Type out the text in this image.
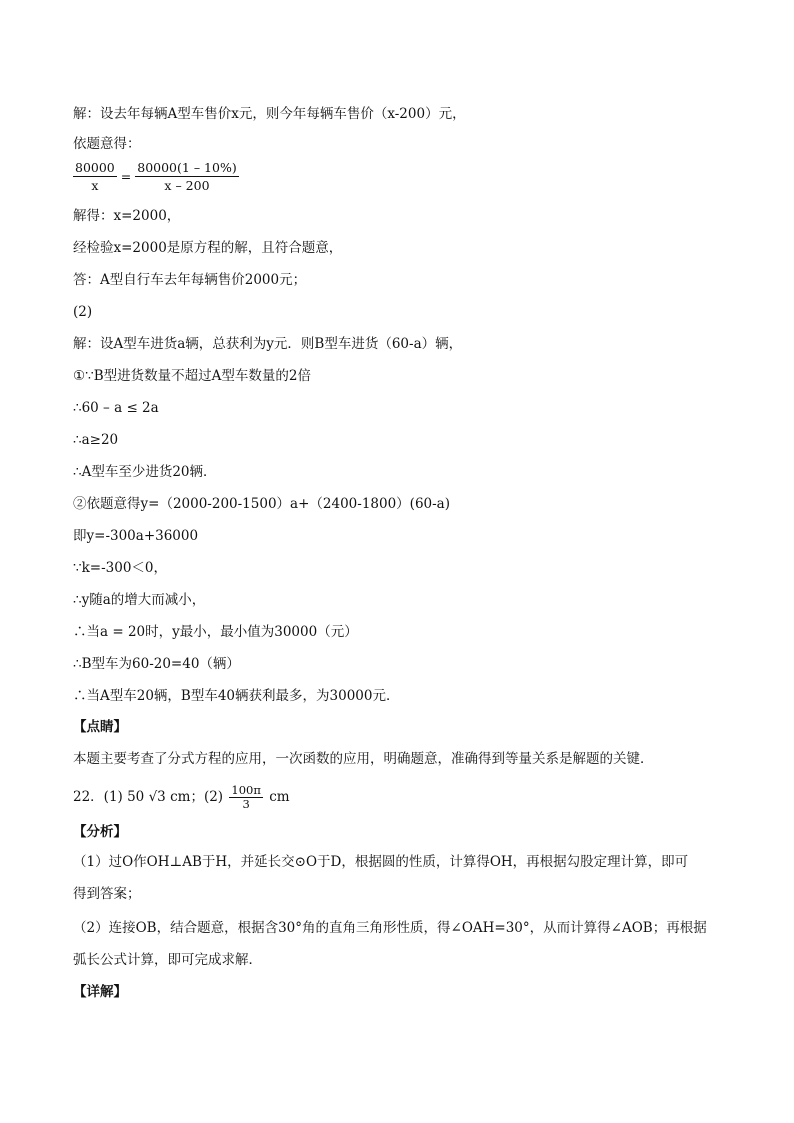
解：设去年每辆A型车售价x元，则今年每辆车售价（x-200）元，
依题意得：
$\frac{80000}{x} = \frac{80000(1 - 10\%)}{x - 200}$
解得：x=2000，
经检验x=2000是原方程的解，且符合题意，
答：A型自行车去年每辆售价2000元；
(2)
解：设A型车进货a辆，总获利为y元．则B型车进货（60-a）辆，
①∵B型进货数量不超过A型车数量的2倍
∴60 – a ≤ 2a
∴a≥20
∴A型车至少进货20辆．
②依题意得y=（2000-200-1500）a+（2400-1800）(60-a)
即y=-300a+36000
∵k=-300＜0，
∴y随a的增大而减小，
∴当a = 20时，y最小，最小值为30000（元）
∴B型车为60-20=40（辆）
∴当A型车20辆，B型车40辆获利最多，为30000元．
【点睛】
本题主要考查了分式方程的应用，一次函数的应用，明确题意，准确得到等量关系是解题的关键．
22．(1) 50 √3 cm；$(2) \frac{100\pi}{3}$ cm
【分析】
（1）过O作OH⊥AB于H，并延长交⊙O于D，根据圆的性质，计算得OH，再根据勾股定理计算，即可
得到答案；
（2）连接OB，结合题意，根据含30°角的直角三角形性质，得∠OAH=30°，从而计算得∠AOB；再根据
弧长公式计算，即可完成求解．
【详解】
